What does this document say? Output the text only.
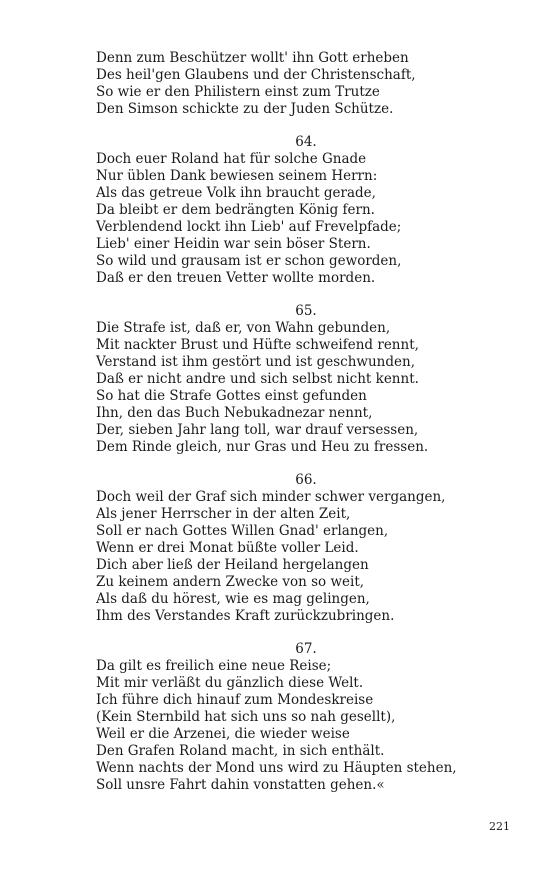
Denn zum Beschützer wollt' ihn Gott erheben
Des heil'gen Glaubens und der Christenschaft,
So wie er den Philistern einst zum Trutze
Den Simson schickte zu der Juden Schütze.
64.
Doch euer Roland hat für solche Gnade
Nur üblen Dank bewiesen seinem Herrn:
Als das getreue Volk ihn braucht gerade,
Da bleibt er dem bedrängten König fern.
Verblendend lockt ihn Lieb' auf Frevelpfade;
Lieb' einer Heidin war sein böser Stern.
So wild und grausam ist er schon geworden,
Daß er den treuen Vetter wollte morden.
65.
Die Strafe ist, daß er, von Wahn gebunden,
Mit nackter Brust und Hüfte schweifend rennt,
Verstand ist ihm gestört und ist geschwunden,
Daß er nicht andre und sich selbst nicht kennt.
So hat die Strafe Gottes einst gefunden
Ihn, den das Buch Nebukadnezar nennt,
Der, sieben Jahr lang toll, war drauf versessen,
Dem Rinde gleich, nur Gras und Heu zu fressen.
66.
Doch weil der Graf sich minder schwer vergangen,
Als jener Herrscher in der alten Zeit,
Soll er nach Gottes Willen Gnad' erlangen,
Wenn er drei Monat büßte voller Leid.
Dich aber ließ der Heiland hergelangen
Zu keinem andern Zwecke von so weit,
Als daß du hörest, wie es mag gelingen,
Ihm des Verstandes Kraft zurückzubringen.
67.
Da gilt es freilich eine neue Reise;
Mit mir verläßt du gänzlich diese Welt.
Ich führe dich hinauf zum Mondeskreise
(Kein Sternbild hat sich uns so nah gesellt),
Weil er die Arzenei, die wieder weise
Den Grafen Roland macht, in sich enthält.
Wenn nachts der Mond uns wird zu Häupten stehen,
Soll unsre Fahrt dahin vonstatten gehen.«
221
